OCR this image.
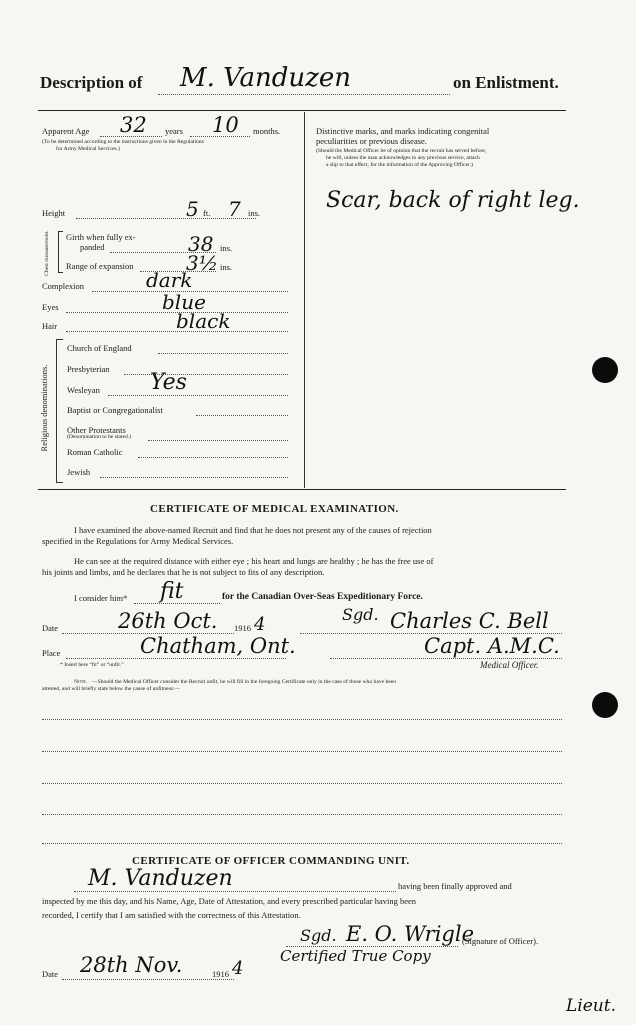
Description of M. Vanduzen	on Enlistment.
Apparent Age 32 years 10 months.
(To be determined according to the instructions given in the Regulations
for Army Medical Services.)
Height	5 ft. 7 ins.
Chest measurement. Girth when fully ex-
panded	38 ins.
Range of expansion	3½ ins.
Complexion	dark
Eyes	blue
Hair	black
Religious denominations.
Church of England
Presbyterian
Wesleyan Yes
Baptist or Congregationalist
Other Protestants
(Denomination to be stated.)
Roman Catholic
Jewish
Distinctive marks, and marks indicating congenital
peculiarities or previous disease.
(Should the Medical Officer be of opinion that the recruit has served before,
he will, unless the man acknowledges to any previous service, attach
a slip to that effect, for the information of the Approving Officer.)
Scar, back of right leg.
CERTIFICATE OF MEDICAL EXAMINATION.
I have examined the above-named Recruit and find that he does not present any of the causes of rejection
specified in the Regulations for Army Medical Services.
He can see at the required distance with either eye ; his heart and lungs are healthy ; he has the free use of
his joints and limbs, and he declares that he is not subject to fits of any description.
I consider him* fit	for the Canadian Over-Seas Expeditionary Force.
Date	26th Oct. 1916 4	Sgd. Charles C. Bell
Place	Chatham, Ont.	Capt. A.M.C.
* Insert here “fit” or “unfit.”	Medical Officer.
Note. —Should the Medical Officer consider the Recruit unfit, he will fill in the foregoing Certificate only in the case of those who have been
attested, and will briefly state below the cause of unfitness:—
CERTIFICATE OF OFFICER COMMANDING UNIT.
M. Vanduzen	having been finally approved and
inspected by me this day, and his Name, Age, Date of Attestation, and every prescribed particular having been
recorded, I certify that I am satisfied with the correctness of this Attestation.
Sgd. E. O. Wrigle
(Signature of Officer).
Certified True Copy
Date 28th Nov.	1916 4
Lieut.
